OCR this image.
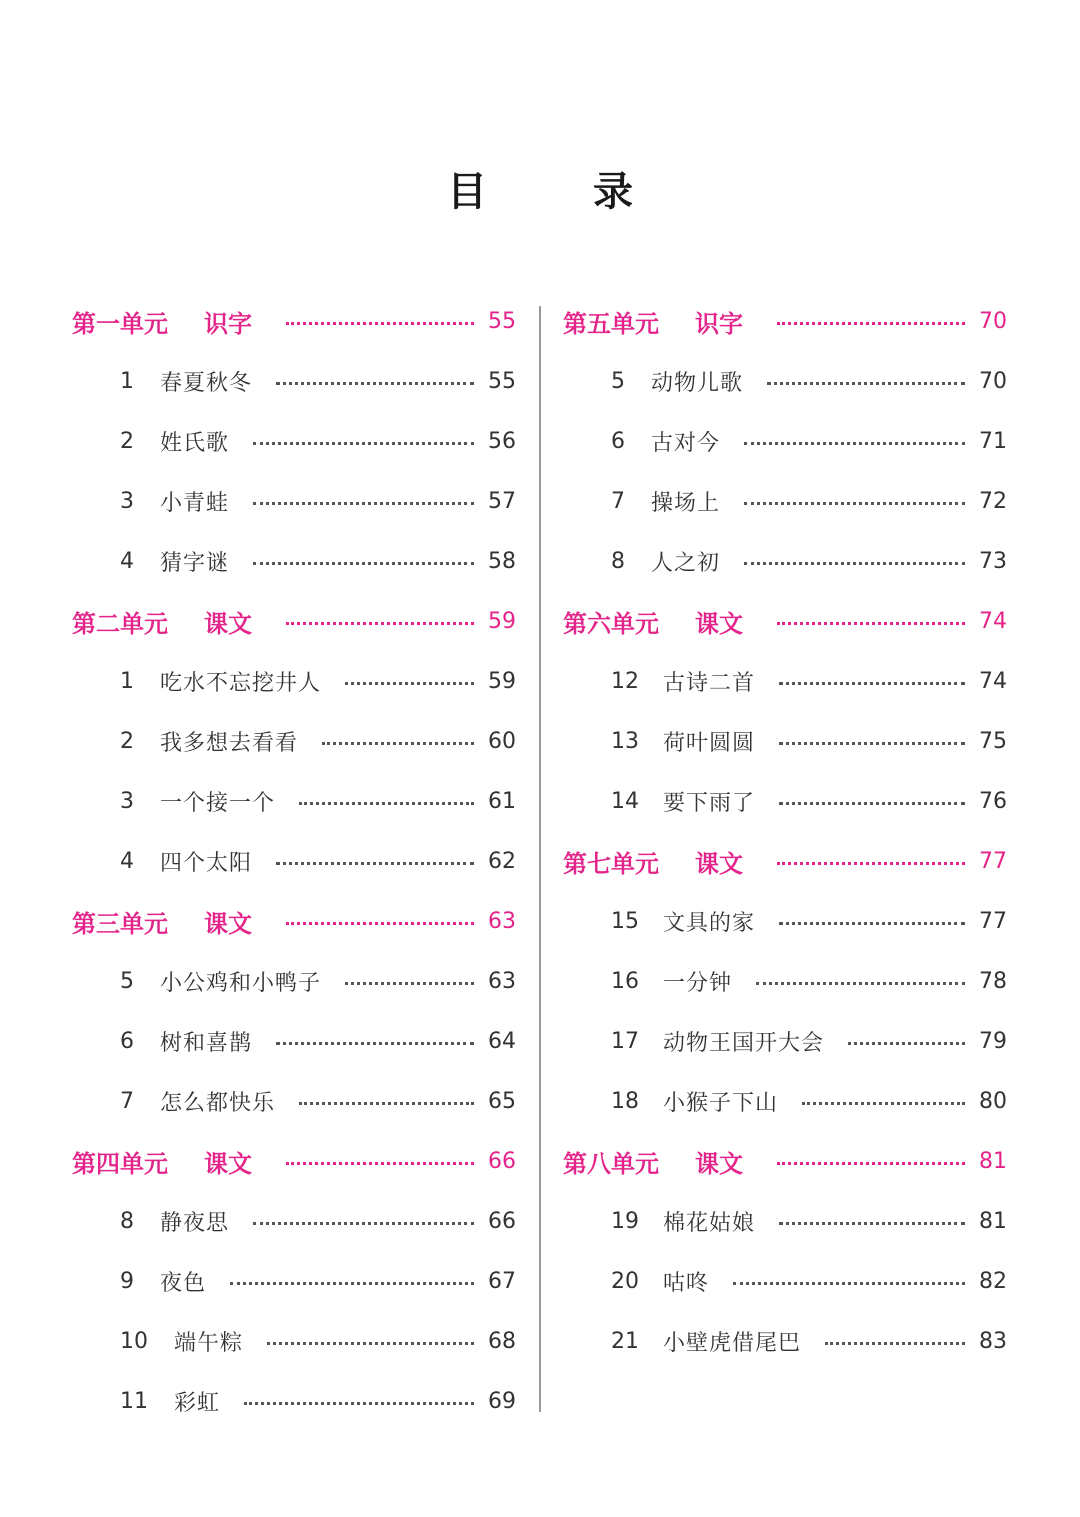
目 录
第一单元 识字	55
1	春夏秋冬	55
2	姓氏歌	56
3	小青蛙	57
4	猜字谜	58
第二单元 课文	59
1	吃水不忘挖井人	59
2	我多想去看看	60
3	一个接一个	61
4	四个太阳	62
第三单元 课文	63
5	小公鸡和小鸭子	63
6	树和喜鹊	64
7	怎么都快乐	65
第四单元 课文	66
8	静夜思	66
9	夜色	67
10	端午粽	68
11	彩虹	69
第五单元 识字	70
5	动物儿歌	70
6	古对今	71
7	操场上	72
8	人之初	73
第六单元 课文	74
12	古诗二首	74
13	荷叶圆圆	75
14	要下雨了	76
第七单元 课文	77
15	文具的家	77
16	一分钟	78
17	动物王国开大会	79
18	小猴子下山	80
第八单元 课文	81
19	棉花姑娘	81
20	咕咚	82
21	小壁虎借尾巴	83
